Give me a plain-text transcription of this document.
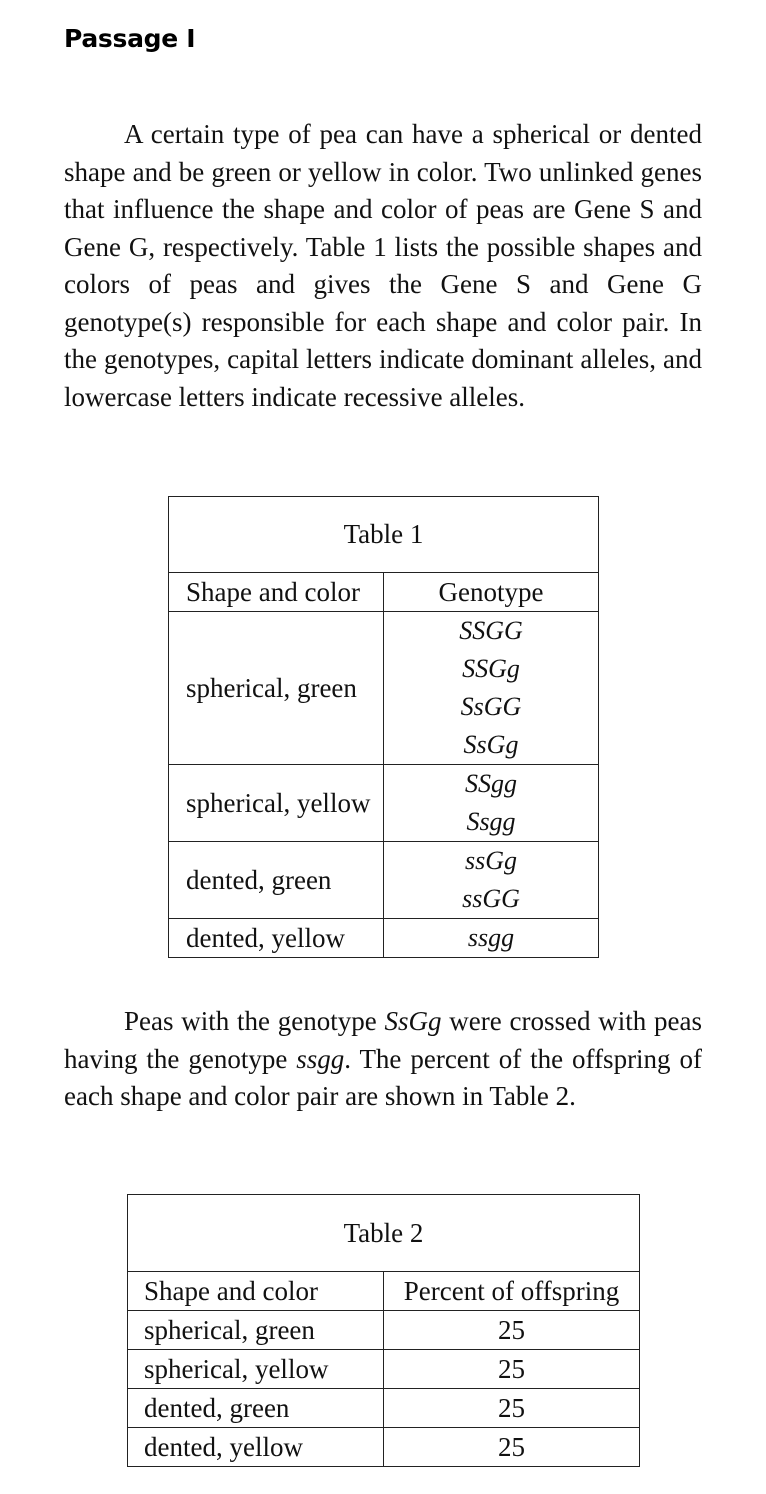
Passage I

A certain type of pea can have a spherical or dented shape and be green or yellow in color. Two unlinked genes that influence the shape and color of peas are Gene S and Gene G, respectively. Table 1 lists the possible shapes and colors of peas and gives the Gene S and Gene G genotype(s) responsible for each shape and color pair. In the genotypes, capital letters indicate dominant alleles, and lowercase letters indicate recessive alleles.

Table 1	
Shape and color	Genotype
spherical, green	SSGG
SSGg
SsGG
SsGg

spherical, yellow	SSgg
Ssgg

dented, green	ssGg
ssGG

dented, yellow	ssgg

Peas with the genotype SsGg were crossed with peas having the genotype ssgg. The percent of the offspring of each shape and color pair are shown in Table 2.

Table 2	
Shape and color	Percent of offspring
spherical, green	25
spherical, yellow	25
dented, green	25
dented, yellow	25
